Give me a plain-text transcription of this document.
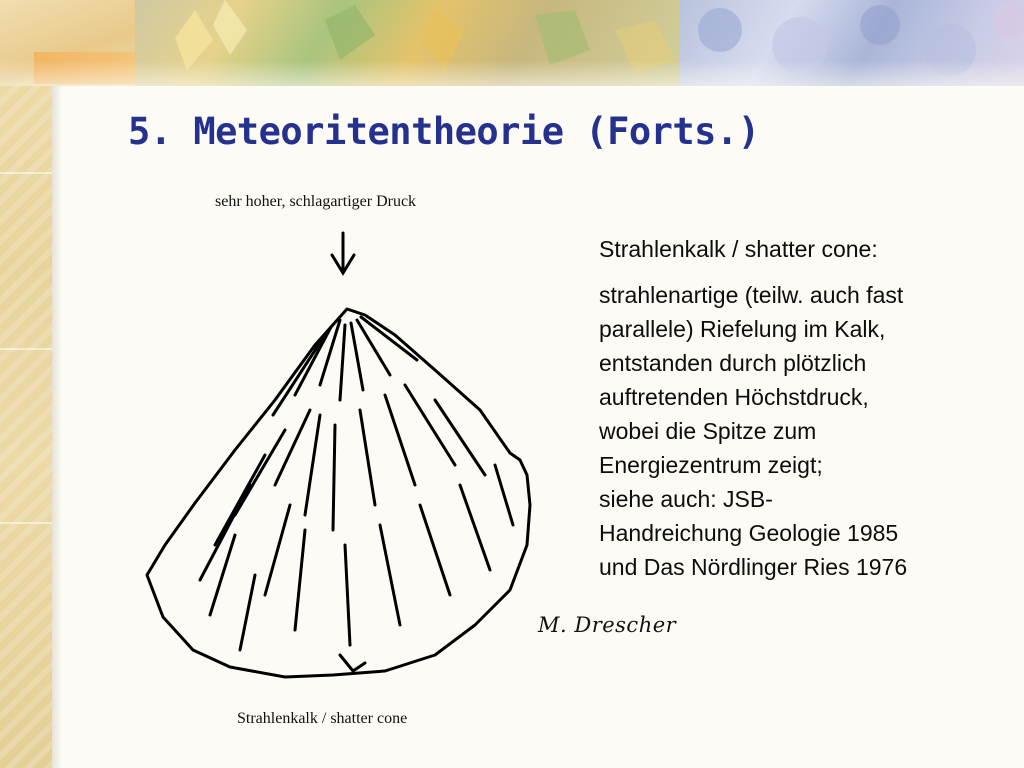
5. Meteoritentheorie (Forts.)
sehr hoher, schlagartiger Druck
M. Drescher
Strahlenkalk / shatter cone

Strahlenkalk / shatter cone:

strahlenartige (teilw. auch fast
parallele) Riefelung im Kalk,
entstanden durch plötzlich
auftretenden Höchstdruck,
wobei die Spitze zum
Energiezentrum zeigt;
siehe auch: JSB-
Handreichung Geologie 1985
und Das Nördlinger Ries 1976
